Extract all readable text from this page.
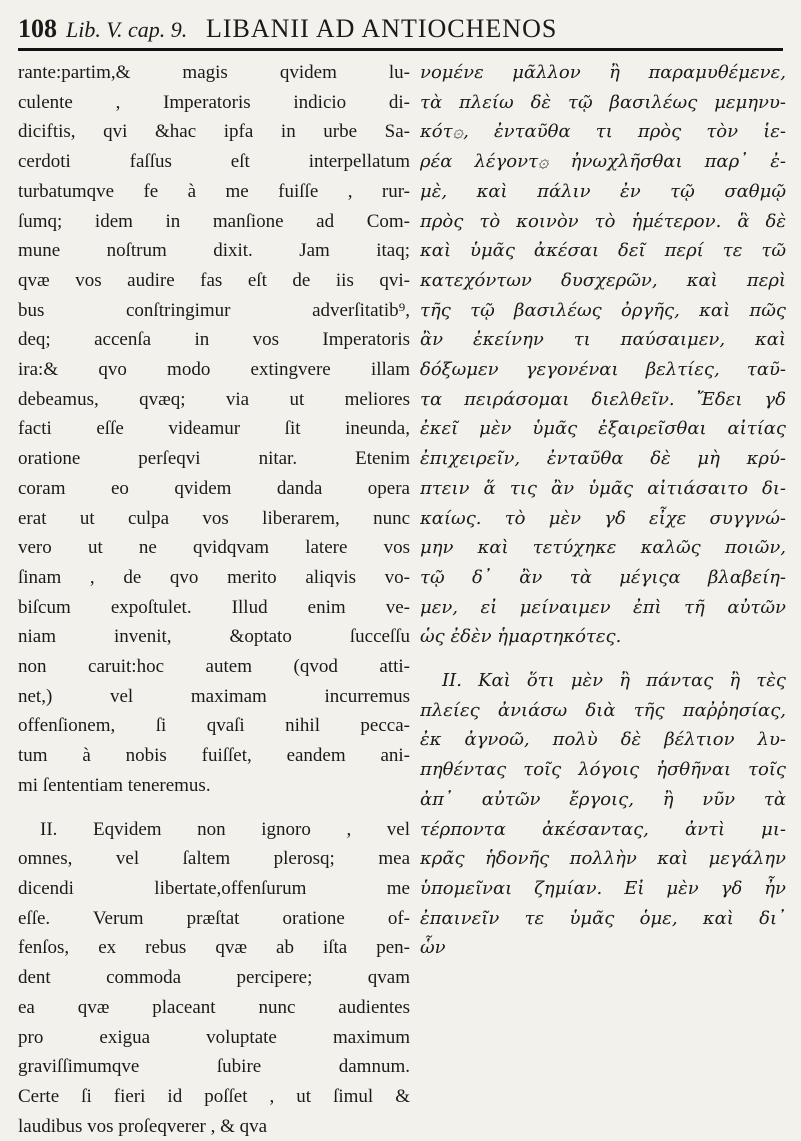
108 Lib. V. cap. 9. LIBANII AD ANTIOCHENOS
rante:partim,& magis qvidem lu-
culente , Imperatoris indicio di-
diciftis, qvi &hac ipfa in urbe Sa-
cerdoti faſſus eſt interpellatum
turbatumqve fe à me fuiſſe , rur-
ſumq; idem in manſione ad Com-
mune noſtrum dixit. Jam itaq;
qvæ vos audire fas eſt de iis qvi-
bus conſtringimur adverſitatib⁹,
deq; accenſa in vos Imperatoris
ira:& qvo modo extingvere illam
debeamus, qvæq; via ut meliores
facti eſſe videamur ſit ineunda,
oratione perſeqvi nitar. Etenim
coram eo qvidem danda opera
erat ut culpa vos liberarem, nunc
vero ut ne qvidqvam latere vos
ſinam , de qvo merito aliqvis vo-
biſcum expoſtulet. Illud enim ve-
niam invenit, &optato ſucceſſu
non caruit:hoc autem (qvod atti-
net,) vel maximam incurremus
offenſionem, ſi qvaſi nihil pecca-
tum à nobis fuiſſet, eandem ani-
mi ſententiam teneremus.
II. Eqvidem non ignoro , vel
omnes, vel ſaltem plerosq; mea
dicendi libertate,offenſurum me
eſſe. Verum præſtat oratione of-
fenſos, ex rebus qvæ ab iſta pen-
dent commoda percipere; qvam
ea qvæ placeant nunc audientes
pro exigua voluptate maximum
graviſſimumqve ſubire damnum.
Certe ſi fieri id poſſet , ut ſimul &
laudibus vos proſeqverer , & qva
νομένε μᾶλλον ἢ παραμυθέμενε,
τὰ πλείω δὲ τῷ βασιλέως μεμηνυ-
κότ۞, ἐνταῦθα τι πρὸς τὸν ἱε-
ρέα λέγοντ۞ ἠνωχλῆσθαι παρ᾽ ἐ-
μὲ, καὶ πάλιν ἐν τῷ σαθμῷ
πρὸς τὸ κοινὸν τὸ ἡμέτερον. ἃ δὲ
καὶ ὑμᾶς ἀκέσαι δεῖ περί τε τῶ
κατεχόντων δυσχερῶν, καὶ περὶ
τῆς τῷ βασιλέως ὀργῆς, καὶ πῶς
ἂν ἐκείνην τι παύσαιμεν, καὶ
δόξωμεν γεγονέναι βελτίες, ταῦ-
τα πειράσομαι διελθεῖν. Ἔδει γδ
ἐκεῖ μὲν ὑμᾶς ἐξαιρεῖσθαι αἰτίας
ἐπιχειρεῖν, ἐνταῦθα δὲ μὴ κρύ-
πτειν ἅ τις ἂν ὑμᾶς αἰτιάσαιτο δι-
καίως. τὸ μὲν γδ εἶχε συγγνώ-
μην καὶ τετύχηκε καλῶς ποιῶν,
τῷ δ᾽ ἂν τὰ μέγιςα βλαβείη-
μεν, εἰ μείναιμεν ἐπὶ τῆ αὐτῶν
ὡς ἐδὲν ἡμαρτηκότες.
II. Καὶ ὅτι μὲν ἢ πάντας ἢ τὲς
πλείες ἀνιάσω διὰ τῆς παῤῥησίας,
ἐκ ἀγνοῶ, πολὺ δὲ βέλτιον λυ-
πηθέντας τοῖς λόγοις ἡσθῆναι τοῖς
ἀπ᾽ αὐτῶν ἔργοις, ἢ νῦν τὰ
τέρποντα ἀκέσαντας, ἀντὶ μι-
κρᾶς ἡδονῆς πολλὴν καὶ μεγάλην
ὑπομεῖναι ζημίαν. Εἰ μὲν γδ ἦν
ἐπαινεῖν τε ὑμᾶς ὁμε, καὶ δι᾽
ὧν
